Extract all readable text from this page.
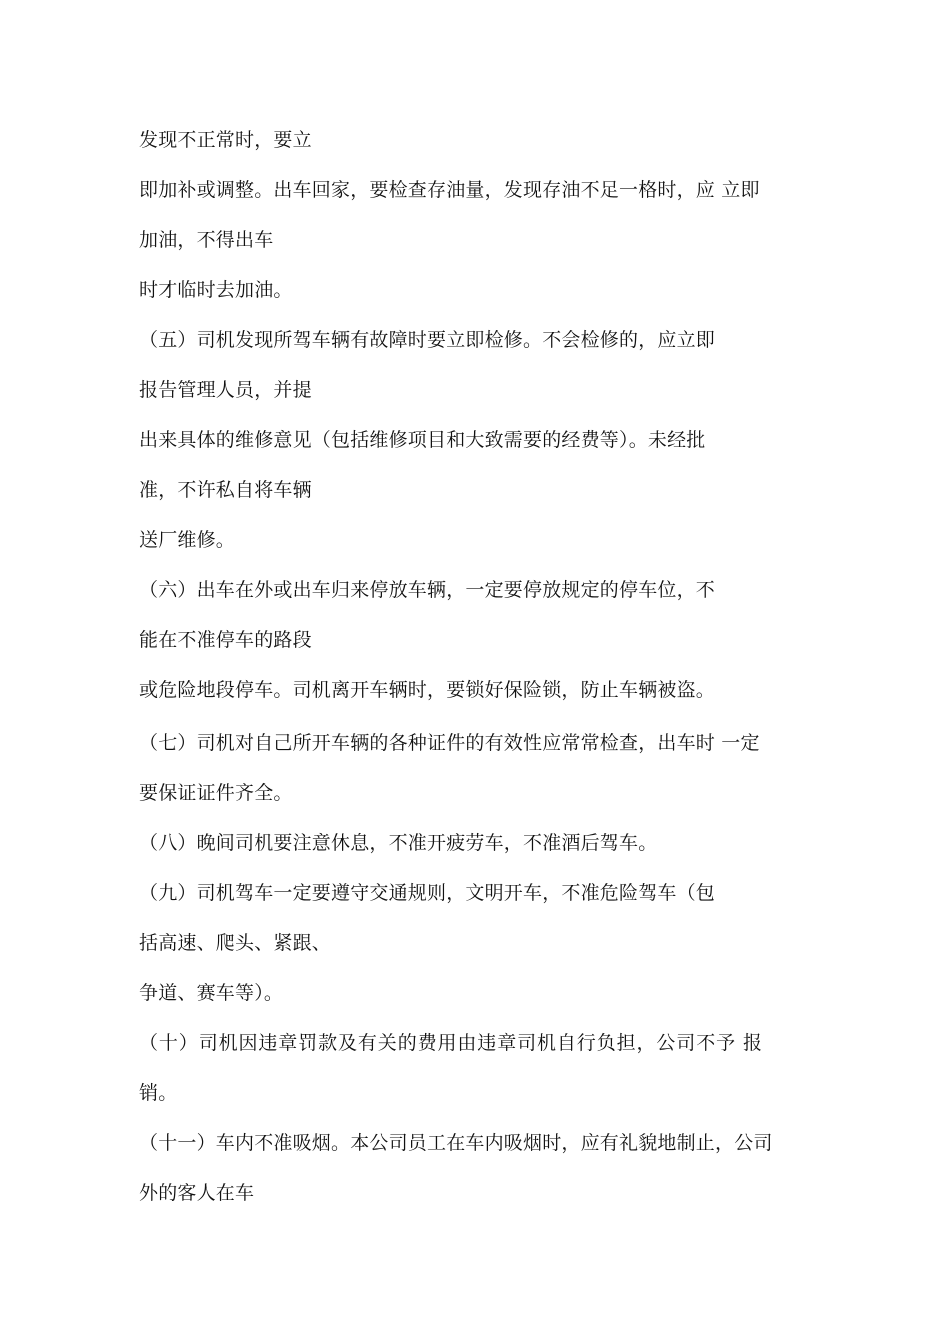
发现不正常时，要立
即加补或调整。出车回家，要检查存油量，发现存油不足一格时，应 立即
加油，不得出车
时才临时去加油。
（五）司机发现所驾车辆有故障时要立即检修。不会检修的，应立即
报告管理人员，并提
出来具体的维修意见（包括维修项目和大致需要的经费等）。未经批
准，不许私自将车辆
送厂维修。
（六）出车在外或出车归来停放车辆，一定要停放规定的停车位，不
能在不准停车的路段
或危险地段停车。司机离开车辆时，要锁好保险锁，防止车辆被盗。
（七）司机对自己所开车辆的各种证件的有效性应常常检查，出车时 一定
要保证证件齐全。
（八）晚间司机要注意休息，不准开疲劳车，不准酒后驾车。
（九）司机驾车一定要遵守交通规则，文明开车，不准危险驾车（包
括高速、爬头、紧跟、
争道、赛车等）。
（十）司机因违章罚款及有关的费用由违章司机自行负担，公司不予 报
销。
（十一）车内不准吸烟。本公司员工在车内吸烟时，应有礼貌地制止，公司
外的客人在车
